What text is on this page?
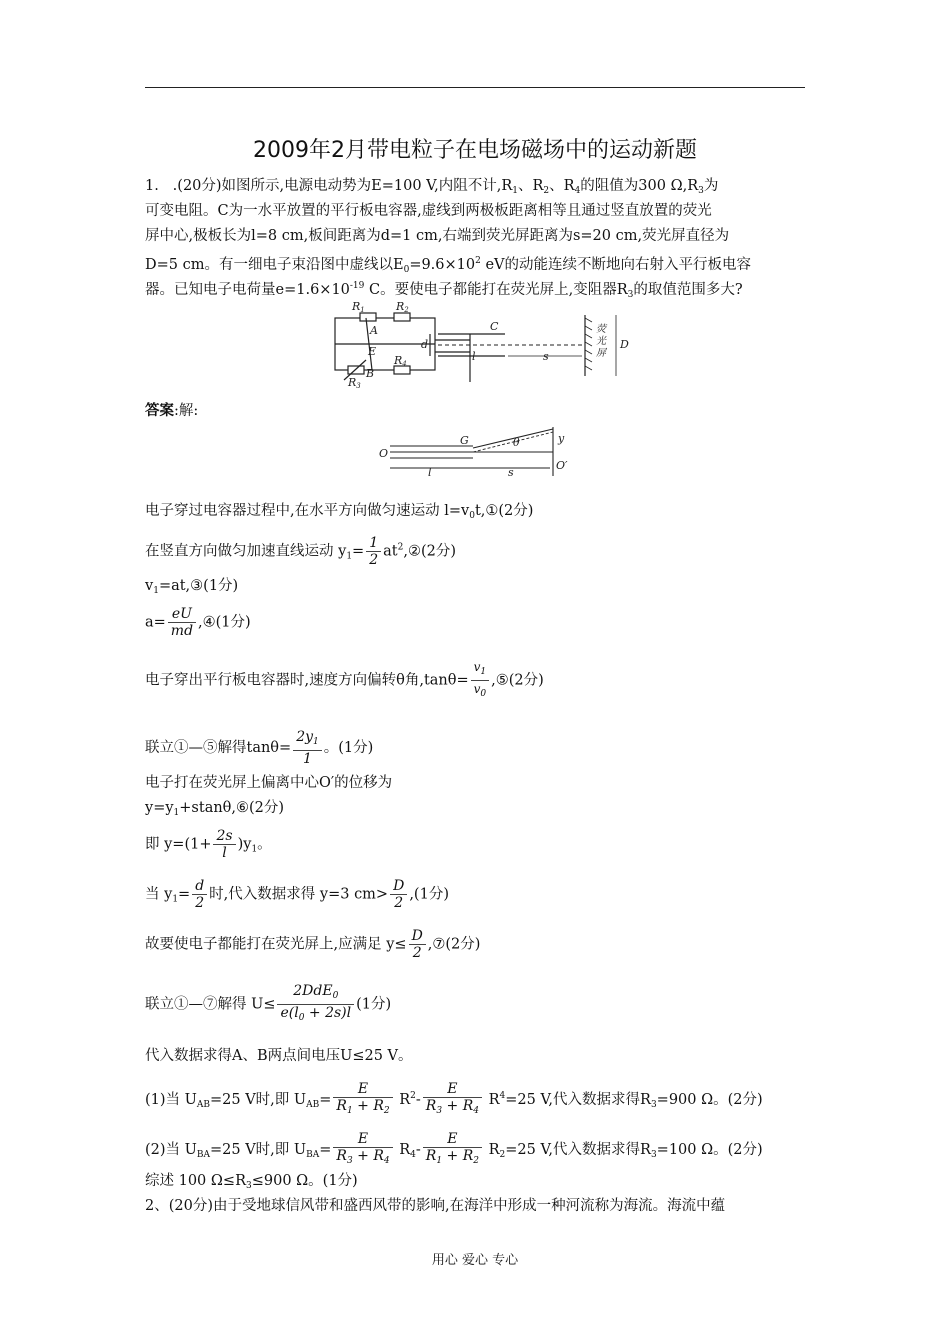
2009年2月带电粒子在电场磁场中的运动新题
1. .(20分)如图所示,电源电动势为E=100 V,内阻不计$,R_1$、$R_2$、$R_4$的阻值为300 $\Omega,R_3$为
可变电阻。C为一水平放置的平行板电容器,虚线到两极板距离相等且通过竖直放置的荧光
屏中心,极板长为l=8 cm,板间距离为d=1 cm,右端到荧光屏距离为s=20 cm,荧光屏直径为
D=5 cm。有一细电子束沿图中虚线以$E_0=9.6\times 10^2$ eV的动能连续不断地向右射入平行板电容
器。已知电子电荷量$e=1.6\times 10^{-19}$ C。要使电子都能打在荧光屏上,变阻器$R_3$的取值范围多大?
R1	R2
R4
R3
A
B
E
C
d
l	s
D
荧
光
屏
答案:解:
O
G	θ	y
l	s
O′
电子穿过电容器过程中,在水平方向做匀速运动 $l=v_0t,①(2$分)
在竖直方向做匀加速直线运动 $y_1= \frac{1}{2}$ $at^2,②(2$分)
$v_1=at,③(1$分)
$a= \frac{eU}{md}$ ,④(1分)
电子穿出平行板电容器时,速度方向偏转θ角$,\tan\theta= \frac{v_1}{v_0}$ ,⑤(2分)
联立①—⑤解得$\tan\theta= \frac{2y_1}{1}$ 。(1分)
电子打在荧光屏上偏离中心O′的位移为
$y=y_1+stan\theta,⑥(2$分)
即 $y=(1+ \frac{2s}{l} )y_1$。
当 $y_1= \frac{d}{2}$ 时,代入数据求得 y=3 $cm> \frac{D}{2} ,(1$分)
故要使电子都能打在荧光屏上,应满足 $y\le \frac{D}{2}$ ,⑦(2分)
联立①—⑦解得 U≤
2DdE$_0$
$e(l_0 + 2s)l$
(1分)
代入数据求得A、B两点间电压U≤25 V。
(1)当 $U_{AB}=25$ V时,即 $U_{AB}= \frac{E}{R_1 + R_2} R^2- \frac{E}{R_3 + R_4} R^4=25$ V,代入数据求得$R_3=900$ Ω。(2分)
(2)当 $U_{BA}=25$ V时,即 $U_{BA}= \frac{E}{R_3 + R_4} R_4- \frac{E}{R_1 + R_2} R_2=25$ V,代入数据求得$R_3=100$ Ω。(2分)
综述 100 $\Omega\le R_3\le 900$ Ω。(1分)
2、(20分)由于受地球信风带和盛西风带的影响,在海洋中形成一种河流称为海流。海流中蕴
用心 爱心 专心
